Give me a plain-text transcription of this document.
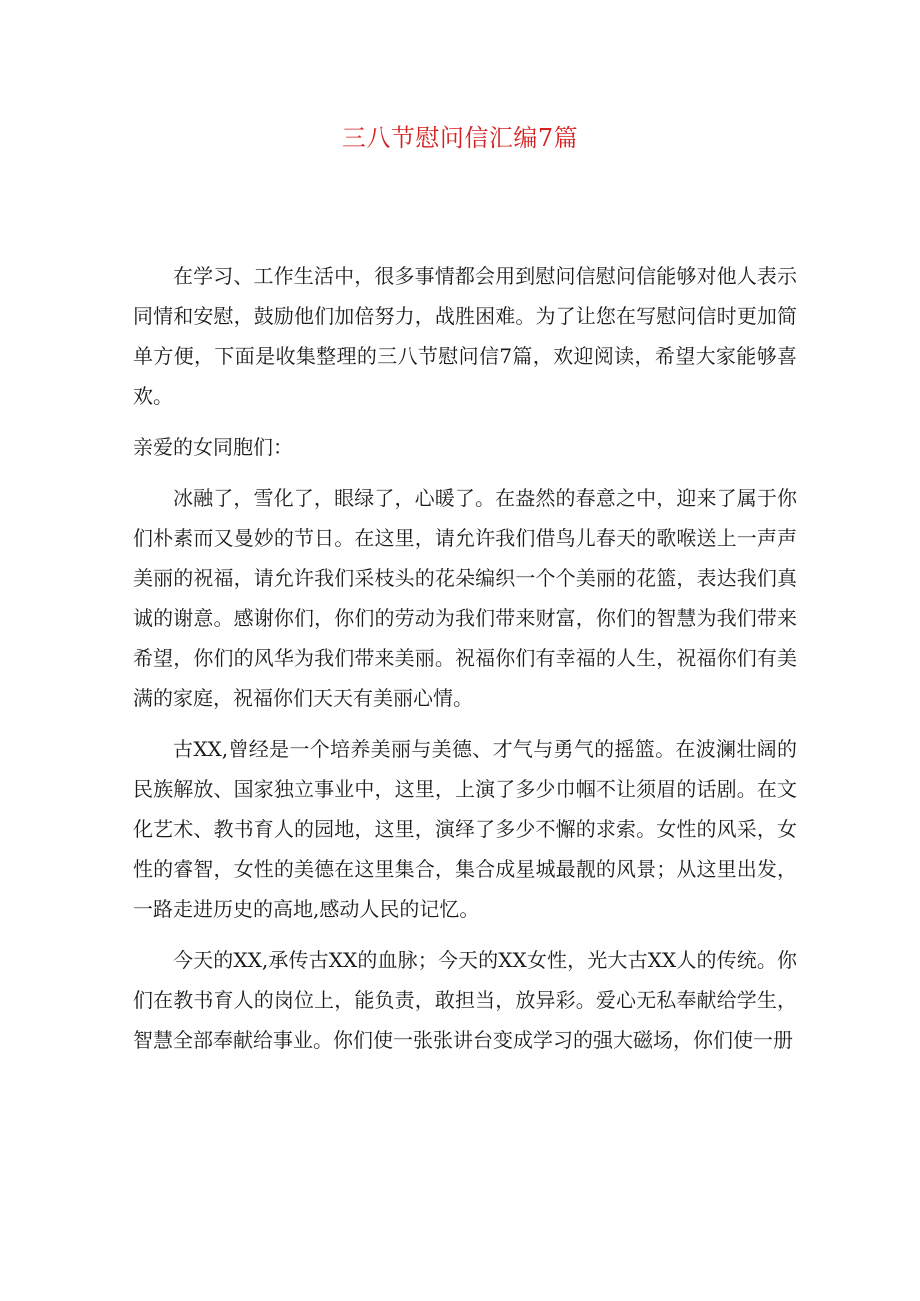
三八节慰问信汇编7篇

在学习、工作生活中，很多事情都会用到慰问信慰问信能够对他人表示同情和安慰，鼓励他们加倍努力，战胜困难。为了让您在写慰问信时更加简单方便，下面是收集整理的三八节慰问信7篇，欢迎阅读，希望大家能够喜欢。

亲爱的女同胞们：

冰融了，雪化了，眼绿了，心暖了。在盎然的春意之中，迎来了属于你们朴素而又曼妙的节日。在这里，请允许我们借鸟儿春天的歌喉送上一声声美丽的祝福，请允许我们采枝头的花朵编织一个个美丽的花篮，表达我们真诚的谢意。感谢你们，你们的劳动为我们带来财富，你们的智慧为我们带来希望，你们的风华为我们带来美丽。祝福你们有幸福的人生，祝福你们有美满的家庭，祝福你们天天有美丽心情。

古XX,曾经是一个培养美丽与美德、才气与勇气的摇篮。在波澜壮阔的民族解放、国家独立事业中，这里，上演了多少巾帼不让须眉的话剧。在文化艺术、教书育人的园地，这里，演绎了多少不懈的求索。女性的风采，女性的睿智，女性的美德在这里集合，集合成星城最靓的风景；从这里出发，一路走进历史的高地,感动人民的记忆。

今天的XX,承传古XX的血脉；今天的XX女性，光大古XX人的传统。你们在教书育人的岗位上，能负责，敢担当，放异彩。爱心无私奉献给学生，智慧全部奉献给事业。你们使一张张讲台变成学习的强大磁场，你们使一册
